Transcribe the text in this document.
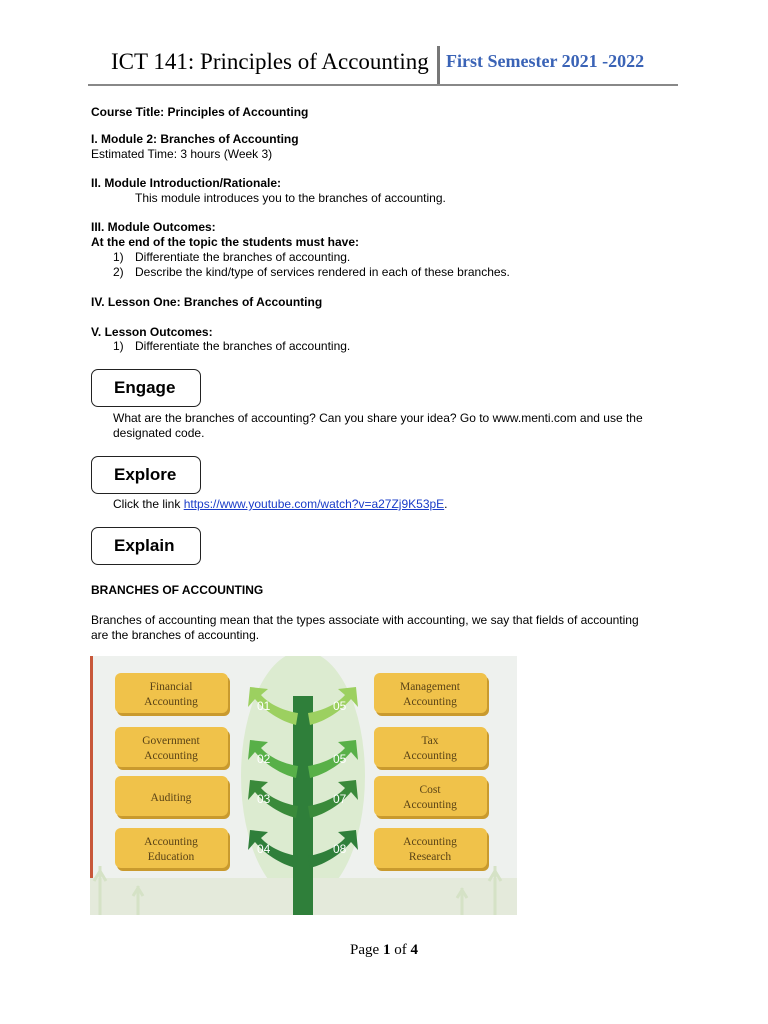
ICT 141: Principles of Accounting First Semester 2021 -2022
Course Title: Principles of Accounting
I. Module 2: Branches of Accounting
Estimated Time: 3 hours (Week 3)
II. Module Introduction/Rationale:
This module introduces you to the branches of accounting.
III. Module Outcomes:
At the end of the topic the students must have:
1) Differentiate the branches of accounting.
2) Describe the kind/type of services rendered in each of these branches.
IV. Lesson One: Branches of Accounting
V. Lesson Outcomes:
1) Differentiate the branches of accounting.
Engage
What are the branches of accounting? Can you share your idea? Go to www.menti.com and use the
designated code.
Explore
Click the link https://www.youtube.com/watch?v=a27Zj9K53pE.
Explain
BRANCHES OF ACCOUNTING
Branches of accounting mean that the types associate with accounting, we say that fields of accounting
are the branches of accounting.
01	05
02	05
03	07
04	08
Financial
Accounting
Government
Accounting
Auditing
Accounting
Education
Management
Accounting
Tax
Accounting
Cost
Accounting
Accounting
Research
Page 1 of 4
